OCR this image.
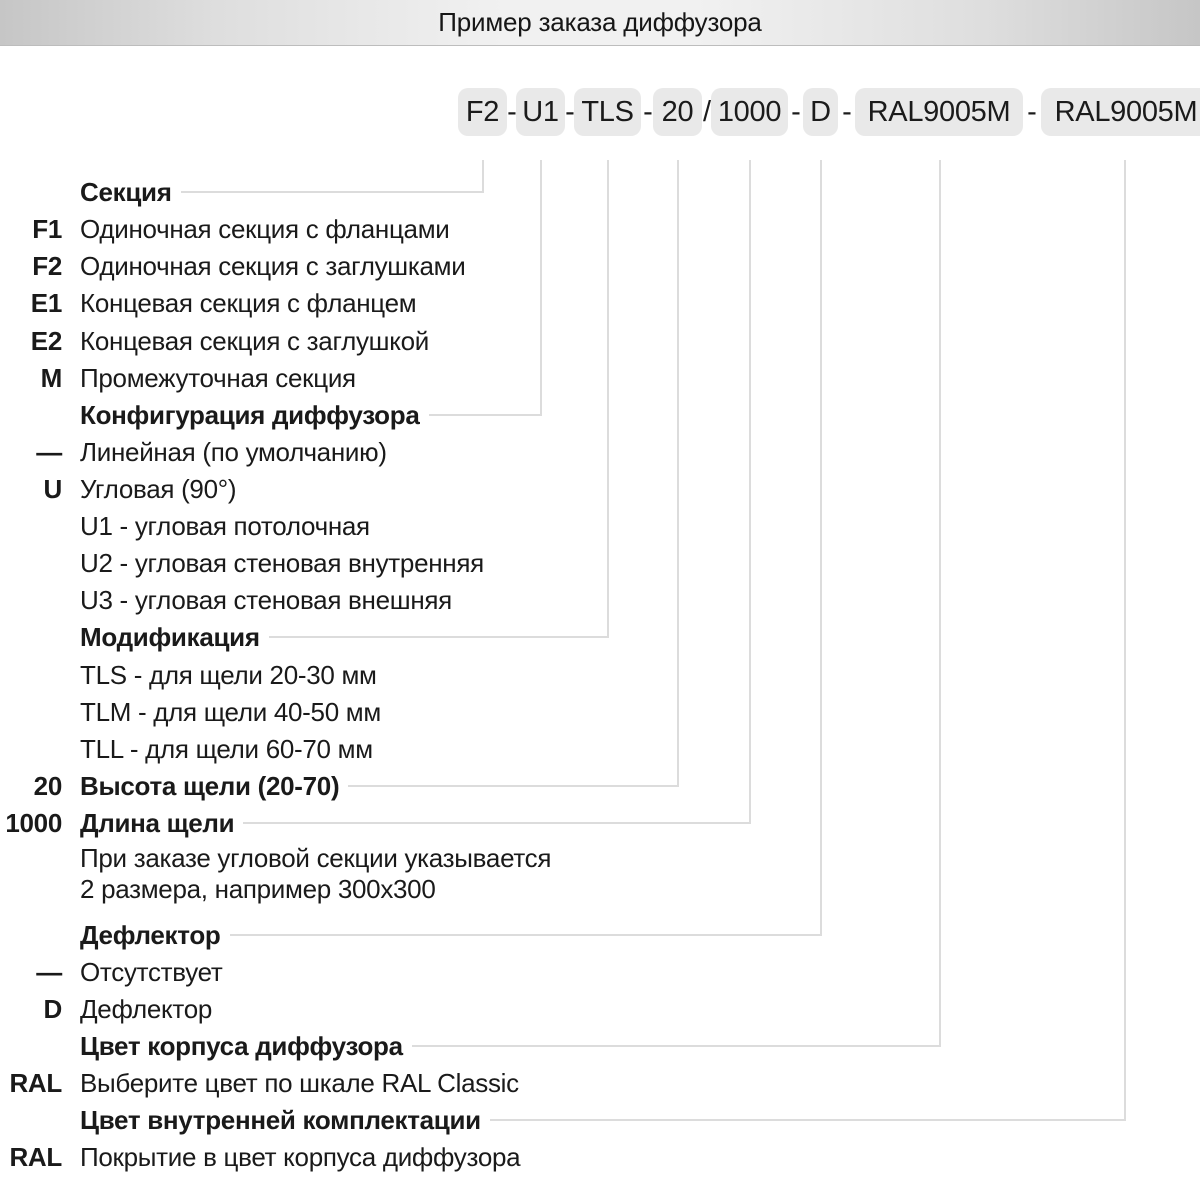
Пример заказа диффузора
F2 U1 TLS 20 1000 D	RAL9005M	RAL9005M
- - - /	- -	-
Секция
F1 Одиночная секция с фланцами
F2 Одиночная секция с заглушками
E1 Концевая секция с фланцем
E2 Концевая секция с заглушкой
M Промежуточная секция
Конфигурация диффузора
— Линейная (по умолчанию)
U Угловая (90°)
U1 - угловая потолочная
U2 - угловая стеновая внутренняя
U3 - угловая стеновая внешняя
Модификация
TLS - для щели 20-30 мм
TLM - для щели 40-50 мм
TLL - для щели 60-70 мм
20 Высота щели (20-70)
1000 Длина щели
Дефлектор
— Отсутствует
D Дефлектор
Цвет корпуса диффузора
RAL Выберите цвет по шкале RAL Classic
Цвет внутренней комплектации
RAL Покрытие в цвет корпуса диффузора
При заказе угловой секции указывается
2 размера, например 300x300
